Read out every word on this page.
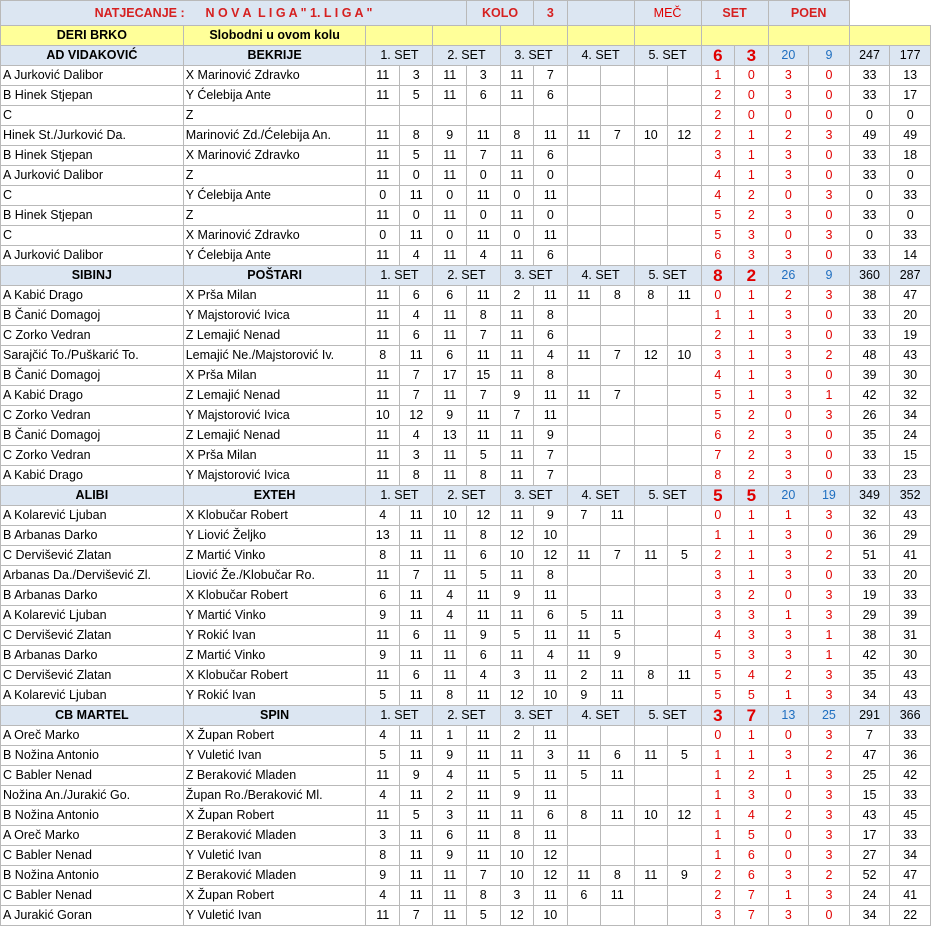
NATJECANJE : N O V A  L I G A " 1. L I G A "					KOLO		3			MEČ		SET		POEN			
DERI BRKO	Slobodni u ovom kolu																
AD VIDAKOVIĆ	BEKRIJE	1. SET		2. SET		3. SET		4. SET		5. SET		6	3	20	9	247	177
A Jurković Dalibor	X Marinović Zdravko	11	3	11	3	11	7					1	0	3	0	33	13
B Hinek Stjepan	Y Ćelebija Ante	11	5	11	6	11	6					2	0	3	0	33	17
C	Z											2	0	0	0	0	0
Hinek St./Jurković Da.	Marinović Zd./Ćelebija An.	11	8	9	11	8	11	11	7	10	12	2	1	2	3	49	49
B Hinek Stjepan	X Marinović Zdravko	11	5	11	7	11	6					3	1	3	0	33	18
A Jurković Dalibor	Z	11	0	11	0	11	0					4	1	3	0	33	0
C	Y Ćelebija Ante	0	11	0	11	0	11					4	2	0	3	0	33
B Hinek Stjepan	Z	11	0	11	0	11	0					5	2	3	0	33	0
C	X Marinović Zdravko	0	11	0	11	0	11					5	3	0	3	0	33
A Jurković Dalibor	Y Ćelebija Ante	11	4	11	4	11	6					6	3	3	0	33	14
SIBINJ	POŠTARI	1. SET		2. SET		3. SET		4. SET		5. SET		8	2	26	9	360	287
A Kabić Drago	X Prša Milan	11	6	6	11	2	11	11	8	8	11	0	1	2	3	38	47
B Čanić Domagoj	Y Majstorović Ivica	11	4	11	8	11	8					1	1	3	0	33	20
C Zorko Vedran	Z Lemajić Nenad	11	6	11	7	11	6					2	1	3	0	33	19
Sarajčić To./Puškarić To.	Lemajić Ne./Majstorović Iv.	8	11	6	11	11	4	11	7	12	10	3	1	3	2	48	43
B Čanić Domagoj	X Prša Milan	11	7	17	15	11	8					4	1	3	0	39	30
A Kabić Drago	Z Lemajić Nenad	11	7	11	7	9	11	11	7			5	1	3	1	42	32
C Zorko Vedran	Y Majstorović Ivica	10	12	9	11	7	11					5	2	0	3	26	34
B Čanić Domagoj	Z Lemajić Nenad	11	4	13	11	11	9					6	2	3	0	35	24
C Zorko Vedran	X Prša Milan	11	3	11	5	11	7					7	2	3	0	33	15
A Kabić Drago	Y Majstorović Ivica	11	8	11	8	11	7					8	2	3	0	33	23
ALIBI	EXTEH	1. SET		2. SET		3. SET		4. SET		5. SET		5	5	20	19	349	352
A Kolarević Ljuban	X Klobučar Robert	4	11	10	12	11	9	7	11			0	1	1	3	32	43
B Arbanas Darko	Y Liović Željko	13	11	11	8	12	10					1	1	3	0	36	29
C Dervišević Zlatan	Z Martić Vinko	8	11	11	6	10	12	11	7	11	5	2	1	3	2	51	41
Arbanas Da./Dervišević Zl.	Liović Že./Klobučar Ro.	11	7	11	5	11	8					3	1	3	0	33	20
B Arbanas Darko	X Klobučar Robert	6	11	4	11	9	11					3	2	0	3	19	33
A Kolarević Ljuban	Y Martić Vinko	9	11	4	11	11	6	5	11			3	3	1	3	29	39
C Dervišević Zlatan	Y Rokić Ivan	11	6	11	9	5	11	11	5			4	3	3	1	38	31
B Arbanas Darko	Z Martić Vinko	9	11	11	6	11	4	11	9			5	3	3	1	42	30
C Dervišević Zlatan	X Klobučar Robert	11	6	11	4	3	11	2	11	8	11	5	4	2	3	35	43
A Kolarević Ljuban	Y Rokić Ivan	5	11	8	11	12	10	9	11			5	5	1	3	34	43
CB MARTEL	SPIN	1. SET		2. SET		3. SET		4. SET		5. SET		3	7	13	25	291	366
A Oreč Marko	X Župan Robert	4	11	1	11	2	11					0	1	0	3	7	33
B Nožina Antonio	Y Vuletić Ivan	5	11	9	11	11	3	11	6	11	5	1	1	3	2	47	36
C Babler Nenad	Z Beraković Mladen	11	9	4	11	5	11	5	11			1	2	1	3	25	42
Nožina An./Jurakić Go.	Župan Ro./Beraković Ml.	4	11	2	11	9	11					1	3	0	3	15	33
B Nožina Antonio	X Župan Robert	11	5	3	11	11	6	8	11	10	12	1	4	2	3	43	45
A Oreč Marko	Z Beraković Mladen	3	11	6	11	8	11					1	5	0	3	17	33
C Babler Nenad	Y Vuletić Ivan	8	11	9	11	10	12					1	6	0	3	27	34
B Nožina Antonio	Z Beraković Mladen	9	11	11	7	10	12	11	8	11	9	2	6	3	2	52	47
C Babler Nenad	X Župan Robert	4	11	11	8	3	11	6	11			2	7	1	3	24	41
A Jurakić Goran	Y Vuletić Ivan	11	7	11	5	12	10					3	7	3	0	34	22
